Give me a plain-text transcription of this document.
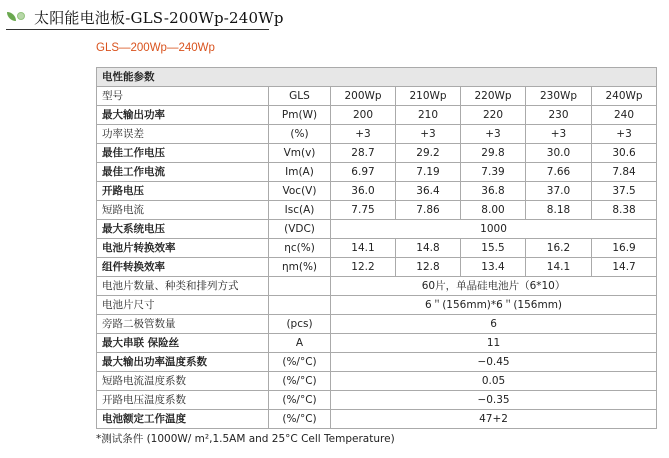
太阳能电池板-GLS-200Wp-240Wp
GLS—200Wp—240Wp
电性能参数						
型号	GLS	200Wp	210Wp	220Wp	230Wp	240Wp
最大输出功率	Pm(W)	200	210	220	230	240
功率误差	(%)	+3	+3	+3	+3	+3
最佳工作电压	Vm(v)	28.7	29.2	29.8	30.0	30.6
最佳工作电流	Im(A)	6.97	7.19	7.39	7.66	7.84
开路电压	Voc(V)	36.0	36.4	36.8	37.0	37.5
短路电流	Isc(A)	7.75	7.86	8.00	8.18	8.38
最大系统电压	(VDC)	1000				
电池片转换效率	ηc(%)	14.1	14.8	15.5	16.2	16.9
组件转换效率	ηm(%)	12.2	12.8	13.4	14.1	14.7
电池片数量、种类和排列方式		60片，单晶硅电池片（6*10）				
电池片尺寸		6＂(156mm)*6＂(156mm)				
旁路二极管数量	(pcs)	6				
最大串联 保险丝	A	11				
最大输出功率温度系数	(%/°C)	−0.45				
短路电流温度系数	(%/°C)	0.05				
开路电压温度系数	(%/°C)	−0.35				
电池额定工作温度	(%/°C)	47+2				
*测试条件 (1000W/ m²,1.5AM and 25°C Cell Temperature)
